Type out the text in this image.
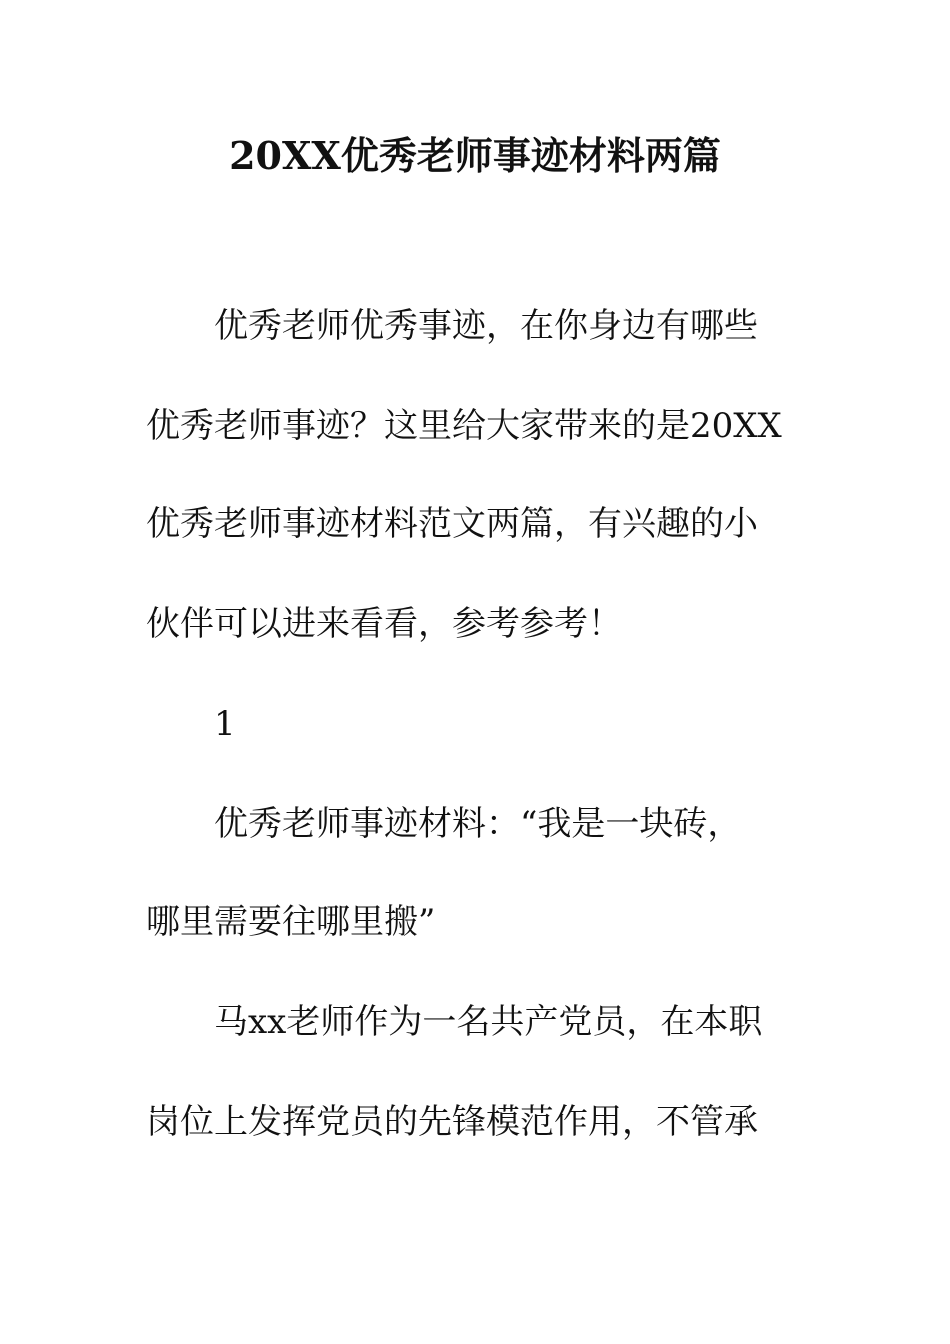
20XX优秀老师事迹材料两篇

优秀老师优秀事迹，在你身边有哪些

优秀老师事迹？这里给大家带来的是20XX

优秀老师事迹材料范文两篇，有兴趣的小

伙伴可以进来看看，参考参考！

1

优秀老师事迹材料：“我是一块砖，

哪里需要往哪里搬”

马xx老师作为一名共产党员，在本职

岗位上发挥党员的先锋模范作用，不管承
